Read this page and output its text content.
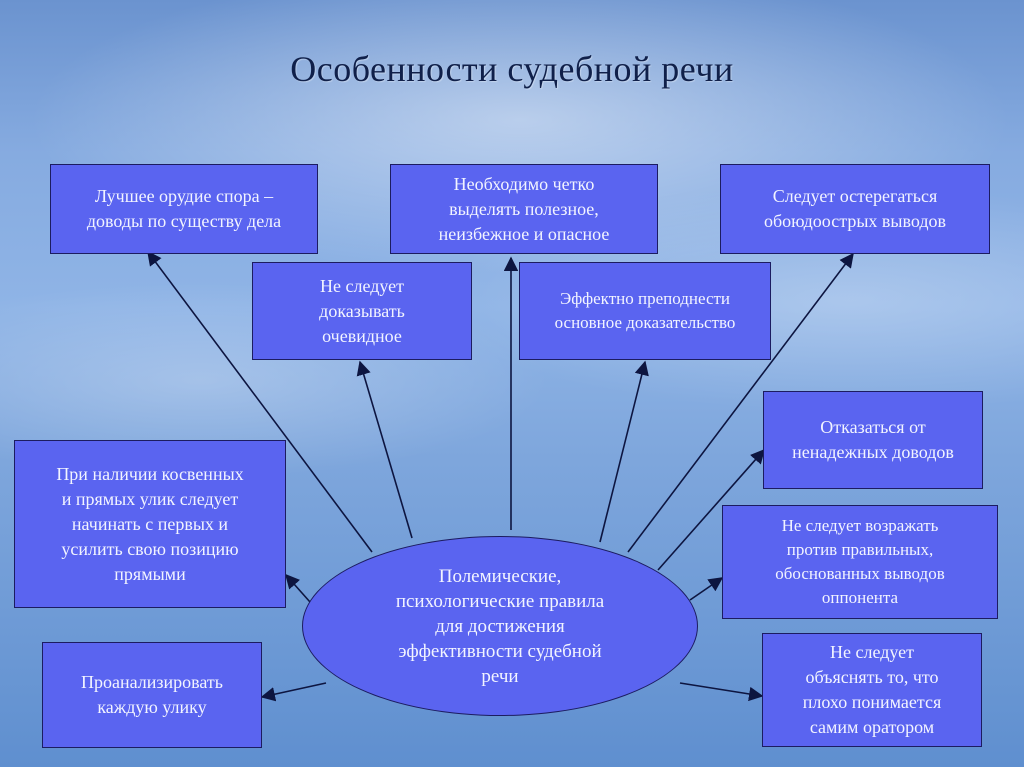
Особенности судебной речи
Лучшее орудие спора –
доводы по существу дела
Необходимо четко
выделять полезное,
неизбежное и опасное
Следует остерегаться
обоюдоострых выводов
Не следует
доказывать
очевидное
Эффектно преподнести
основное доказательство
Отказаться от
ненадежных доводов
При наличии косвенных
и прямых улик следует
начинать с первых и
усилить свою позицию
прямыми
Не следует возражать
против правильных,
обоснованных выводов
оппонента
Проанализировать
каждую улику
Не следует
объяснять то, что
плохо понимается
самим оратором
Полемические,
психологические правила
для достижения
эффективности судебной
речи
